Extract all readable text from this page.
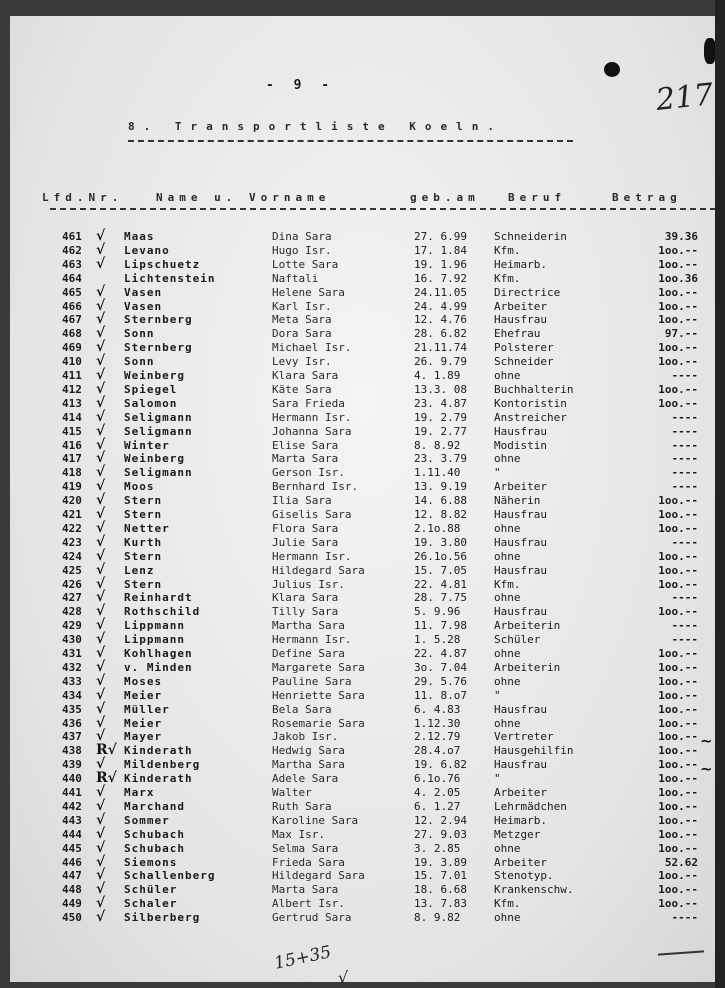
- 9 -	217
8. Transportliste Koeln.
Lfd.Nr.	Name u. Vorname	geb.am	Beruf	Betrag
461 √ Maas	Dina Sara	27. 6.99 Schneiderin	39.36
462 √ Levano	Hugo Isr.	17. 1.84 Kfm.	1oo.--
463 √ Lipschuetz	Lotte Sara	19. 1.96 Heimarb.	1oo.--
464	Lichtenstein	Naftali	16. 7.92 Kfm.	1oo.36
465 √ Vasen	Helene Sara	24.11.05 Directrice	1oo.--
466 √ Vasen	Karl Isr.	24. 4.99 Arbeiter	1oo.--
467 √ Sternberg	Meta Sara	12. 4.76 Hausfrau	1oo.--
468 √ Sonn	Dora Sara	28. 6.82 Ehefrau	97.--
469 √ Sternberg	Michael Isr.	21.11.74 Polsterer	1oo.--
410 √ Sonn	Levy Isr.	26. 9.79 Schneider	1oo.--
411 √ Weinberg	Klara Sara	4. 1.89	ohne	----
412 √ Spiegel	Käte Sara	13.3. 08 Buchhalterin	1oo.--
413 √ Salomon	Sara Frieda	23. 4.87 Kontoristin	1oo.--
414 √ Seligmann	Hermann Isr.	19. 2.79 Anstreicher	----
415 √ Seligmann	Johanna Sara	19. 2.77 Hausfrau	----
416 √ Winter	Elise Sara	8. 8.92	Modistin	----
417 √ Weinberg	Marta Sara	23. 3.79 ohne	----
418 √ Seligmann	Gerson Isr.	1.11.40	"	----
419 √ Moos	Bernhard Isr.	13. 9.19 Arbeiter	----
420 √ Stern	Ilia Sara	14. 6.88 Näherin	1oo.--
421 √ Stern	Giselis Sara	12. 8.82 Hausfrau	1oo.--
422 √ Netter	Flora Sara	2.1o.88	ohne	1oo.--
423 √ Kurth	Julie Sara	19. 3.80 Hausfrau	----
424 √ Stern	Hermann Isr.	26.1o.56 ohne	1oo.--
425 √ Lenz	Hildegard Sara	15. 7.05 Hausfrau	1oo.--
426 √ Stern	Julius Isr.	22. 4.81 Kfm.	1oo.--
427 √ Reinhardt	Klara Sara	28. 7.75 ohne	----
428 √ Rothschild	Tilly Sara	5. 9.96	Hausfrau	1oo.--
429 √ Lippmann	Martha Sara	11. 7.98 Arbeiterin	----
430 √ Lippmann	Hermann Isr.	1. 5.28	Schüler	----
431 √ Kohlhagen	Define Sara	22. 4.87 ohne	1oo.--
432 √ v. Minden	Margarete Sara	3o. 7.04 Arbeiterin	1oo.--
433 √ Moses	Pauline Sara	29. 5.76 ohne	1oo.--
434 √ Meier	Henriette Sara	11. 8.o7 "	1oo.--
435 √ Müller	Bela Sara	6. 4.83	Hausfrau	1oo.--
436 √ Meier	Rosemarie Sara	1.12.30	ohne	1oo.--
437 √ Mayer	Jakob Isr.	2.12.79	Vertreter	1oo.--
438 R√ Kinderath	Hedwig Sara	28.4.o7	Hausgehilfin	1oo.--
439 √ Mildenberg	Martha Sara	19. 6.82 Hausfrau	1oo.--
440 R√ Kinderath	Adele Sara	6.1o.76	"	1oo.--
441 √ Marx	Walter	4. 2.05	Arbeiter	1oo.--
442 √ Marchand	Ruth Sara	6. 1.27	Lehrmädchen	1oo.--
443 √ Sommer	Karoline Sara	12. 2.94 Heimarb.	1oo.--
444 √ Schubach	Max Isr.	27. 9.03 Metzger	1oo.--
445 √ Schubach	Selma Sara	3. 2.85	ohne	1oo.--
446 √ Siemons	Frieda Sara	19. 3.89 Arbeiter	52.62
447 √ Schallenberg	Hildegard Sara	15. 7.01 Stenotyp.	1oo.--
448 √ Schüler	Marta Sara	18. 6.68 Krankenschw.	1oo.--
449 √ Schaler	Albert Isr.	13. 7.83 Kfm.	1oo.--
450 √ Silberberg	Gertrud Sara	8. 9.82	ohne	----
~
~
15+35
√
